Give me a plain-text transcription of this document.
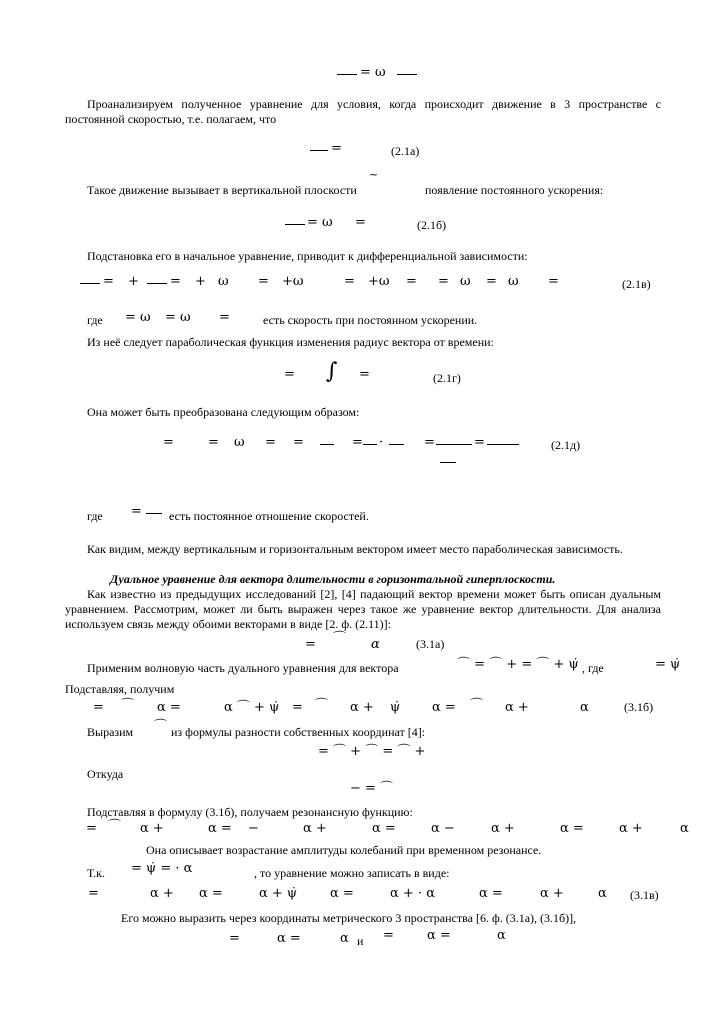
= ω
Проанализируем полученное уравнение для условия, когда происходит движение в 3 пространстве с постоянной скоростью, т.е. полагаем, что
=	(2.1а)
~
Такое движение вызывает в вертикальной плоскости	появление постоянного ускорения:
= ω =	(2.1б)
Подстановка его в начальное уравнение, приводит к дифференциальной зависимости:
= + = + ω = +ω	= +ω = = ω = ω =	(2.1в)
где = ω = ω =	есть скорость при постоянном ускорении.
Из неё следует параболическая функция изменения радиус вектора от времени:
= ∫ =	(2.1г)
Она может быть преобразована следующим образом:
=	= ω = =	= ·	=	=	(2.1д)
где = есть постоянное отношение скоростей.
Как видим, между вертикальным и горизонтальным вектором имеет место параболическая зависимость.
Дуальное уравнение для вектора длительности в горизонтальной гиперплоскости.
Как известно из предыдущих исследований [2], [4] падающий вектор времени может быть описан дуальным уравнением. Рассмотрим, может ли быть выражен через такое же уравнение вектор длительности. Для анализа используем связь между обоими векторами в виде [2. ф. (2.11)]:
= ⌒ α	(3.1а)
Применим волновую часть дуального уравнения для вектора	⌒ = ⌒ + = ⌒ + ψ̇ , где	= ψ̇
Подставляя, получим
= ⌒ α =	α ⌒ + ψ̇ = ⌒ α + ψ̇ α = ⌒ α +	α	(3.1б)
Выразим ⌒ из формулы разности собственных координат [4]:
= ⌒ + ⌒ = ⌒ +
Откуда
− = ⌒
Подставляя в формулу (3.1б), получаем резонансную функцию:
= ⌒ α +	α = −	α +	α =	α −	α +	α =	α +	α
Она описывает возрастание амплитуды колебаний при временном резонансе.
Т.к. = ψ̇ = · α	, то уравнение можно записать в виде:
=	α + α =	α + ψ̇	α =	α + · α	α =	α +	α (3.1в)
Его можно выразить через координаты метрического 3 пространства [6. ф. (3.1а), (3.1б)],
=	α =	α и =	α =	α
